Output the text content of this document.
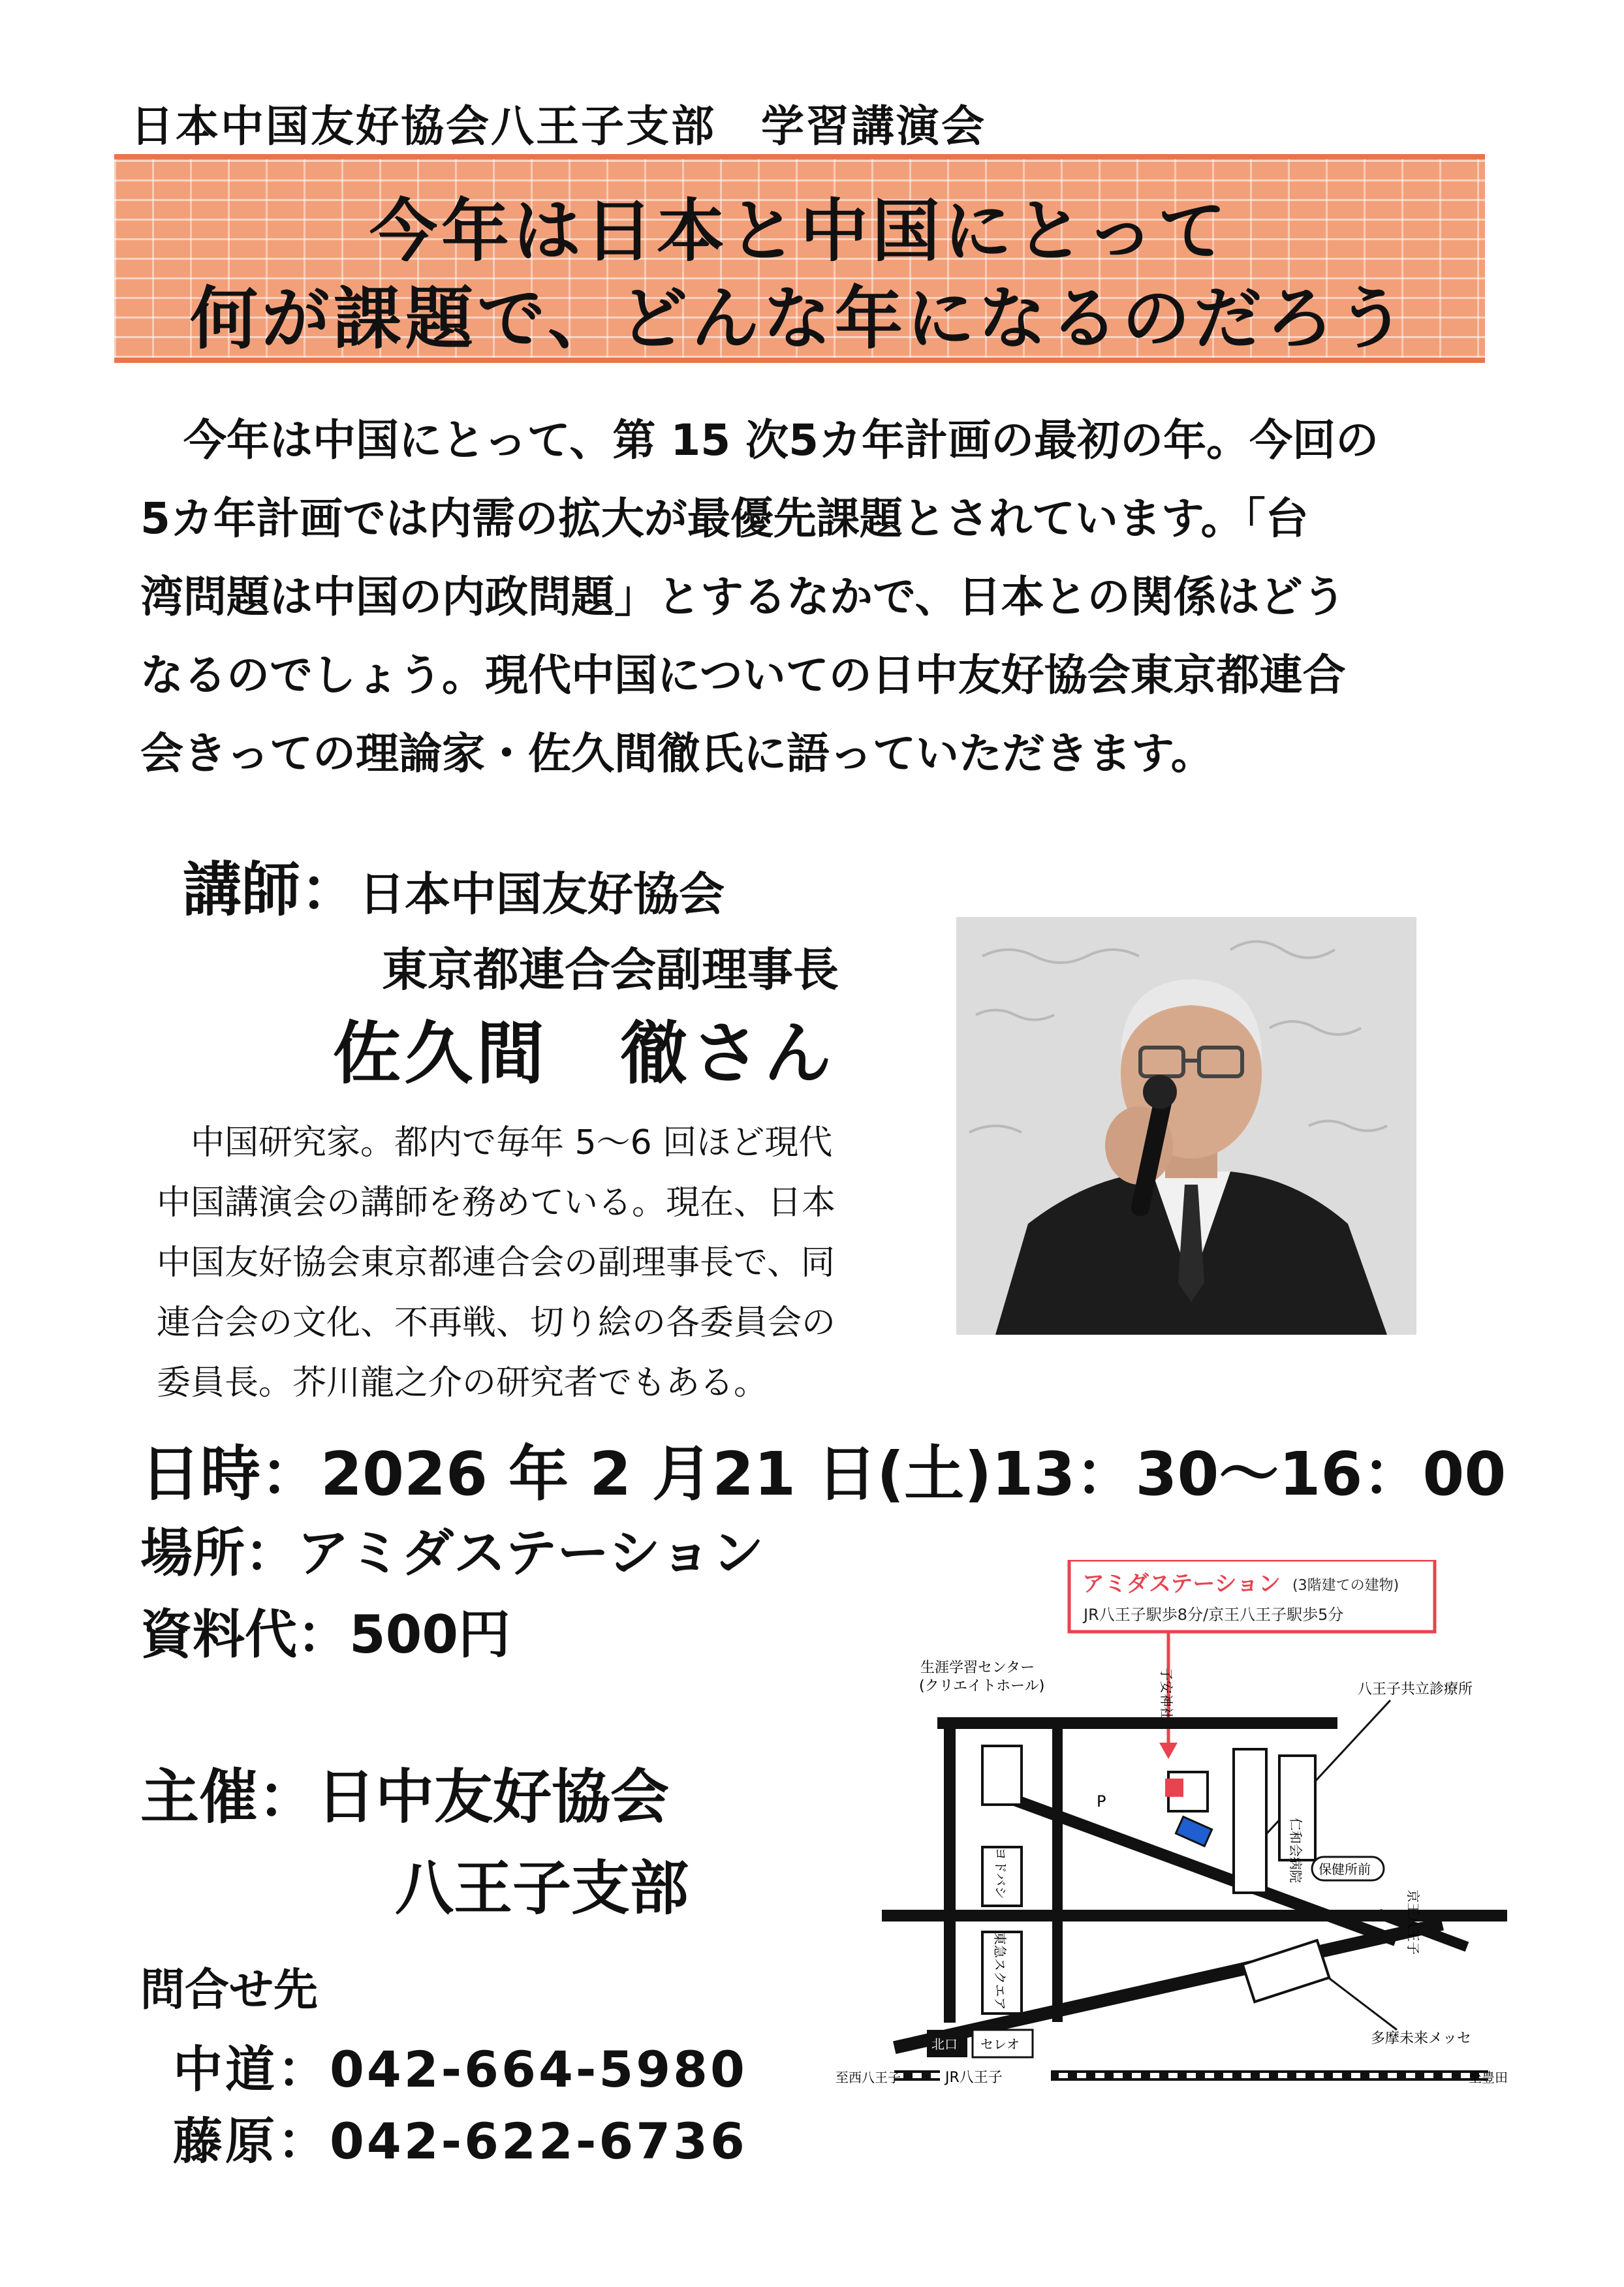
日本中国友好協会八王子支部　学習講演会
今年は日本と中国にとって
何が課題で、どんな年になるのだろう
　今年は中国にとって、第 15 次5カ年計画の最初の年。今回の
5カ年計画では内需の拡大が最優先課題とされています。「台
湾問題は中国の内政問題」とするなかで、日本との関係はどう
なるのでしょう。現代中国についての日中友好協会東京都連合
会きっての理論家・佐久間徹氏に語っていただきます。
講師：日本中国友好協会
東京都連合会副理事長
佐久間　徹さん
　中国研究家。都内で毎年 5～6 回ほど現代
中国講演会の講師を務めている。現在、日本
中国友好協会東京都連合会の副理事長で、同
連合会の文化、不再戦、切り絵の各委員会の
委員長。芥川龍之介の研究者でもある。
日時：2026 年 2 月21 日(土)13：30～16：00
場所：アミダステーション
資料代：500円
主催：日中友好協会
八王子支部
問合せ先
中道：042-664-5980
藤原：042-622-6736
アミダステーション (3階建ての建物)
JR八王子駅歩8分/京王八王子駅歩5分
生涯学習センター
(クリエイトホール)	子安神社	八王子共立診療所
P
ヨドバシ	仁和会病院 保健所前
京王八王子
東急スクエア
多摩未来メッセ
北口 セレオ
JR八王子
至西八王子	至豊田
